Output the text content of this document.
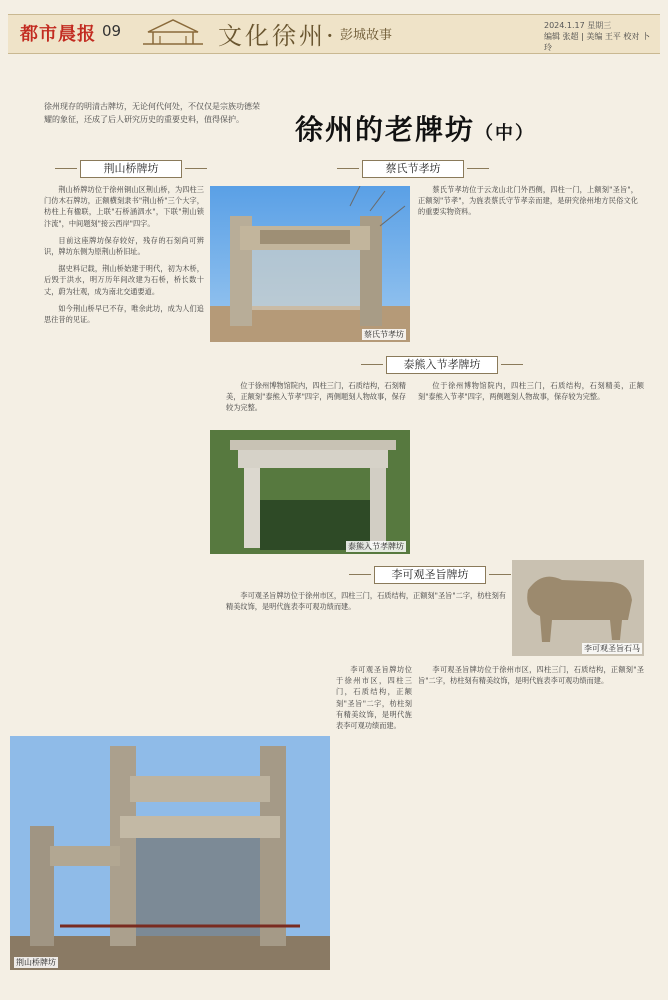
都市晨报 09	文化徐州· 彭城故事
2024.1.17 星期三
编辑 张超 | 美编 王平 校对 卜玲
徐州现存的明清古牌坊，无论何代何处，不仅仅是宗族功德荣耀的象征，还成了后人研究历史的重要史料，值得保护。	徐州的老牌坊（中）
荆山桥牌坊	蔡氏节孝坊
泰熊入节孝牌坊
李可观圣旨牌坊

荆山桥牌坊位于徐州铜山区荆山桥，为四柱三门仿木石牌坊，正额横刻隶书"荆山桥"三个大字，枋柱上有楹联，上联"石桥涵泗水"，下联"荆山锁汴流"，中间题刻"接云西岸"四字。

目前这座牌坊保存较好，残存的石刻尚可辨识，牌坊东侧为原荆山桥旧址。

据史料记载，荆山桥始建于明代，初为木桥，后毁于洪水，明万历年间改建为石桥，桥长数十丈，蔚为壮观，成为南北交通要道。

如今荆山桥早已不存，唯余此坊，成为人们追思往昔的见证。

蔡氏节孝坊位于云龙山北门外西侧，四柱一门，上额刻"圣旨"，正额刻"节孝"，为旌表蔡氏守节孝亲而建，是研究徐州地方民俗文化的重要实物资料。

位于徐州博物馆院内，四柱三门，石质结构，石刻精美，正额刻"泰熊入节孝"四字，两侧题刻人物故事，保存较为完整。

李可观圣旨牌坊位于徐州市区，四柱三门，石质结构，正额刻"圣旨"二字，枋柱刻有精美纹饰，是明代旌表李可观功绩而建。

蔡氏节孝坊
泰熊入节孝牌坊
李可观圣旨石马
荆山桥牌坊

位于徐州博物馆院内，四柱三门，石质结构，石刻精美，正额刻"泰熊入节孝"四字，两侧题刻人物故事，保存较为完整。

李可观圣旨牌坊位于徐州市区，四柱三门，石质结构，正额刻"圣旨"二字，枋柱刻有精美纹饰，是明代旌表李可观功绩而建。

李可观圣旨牌坊位于徐州市区，四柱三门，石质结构，正额刻"圣旨"二字，枋柱刻有精美纹饰，是明代旌表李可观功绩而建。
